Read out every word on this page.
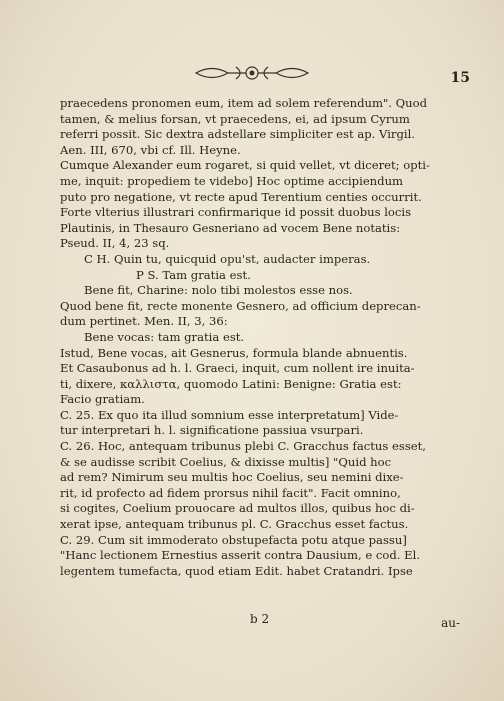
15

praecedens pronomen eum, item ad solem referendum". Quod

tamen, & melius forsan, vt praecedens, ei, ad ipsum Cyrum

referri possit. Sic dextra adstellare simpliciter est ap. Virgil.

Aen. III, 670, vbi cf. Ill. Heyne.

Cumque Alexander eum rogaret, si quid vellet, vt diceret; opti-

me, inquit: propediem te videbo] Hoc optime accipiendum

puto pro negatione, vt recte apud Terentium centies occurrit.

Forte vlterius illustrari confirmarique id possit duobus locis

Plautinis, in Thesauro Gesneriano ad vocem Bene notatis:

Pseud. II, 4, 23 sq.

C H. Quin tu, quicquid opu'st, audacter imperas.

P S. Tam gratia est.

Bene fit, Charine: nolo tibi molestos esse nos.

Quod bene fit, recte monente Gesnero, ad officium deprecan-

dum pertinet. Men. II, 3, 36:

Bene vocas: tam gratia est.

Istud, Bene vocas, ait Gesnerus, formula blande abnuentis.

Et Casaubonus ad h. l. Graeci, inquit, cum nollent ire inuita-

ti, dixere, καλλιστα, quomodo Latini: Benigne: Gratia est:

Facio gratiam.

C. 25. Ex quo ita illud somnium esse interpretatum] Vide-

tur interpretari h. l. significatione passiua vsurpari.

C. 26. Hoc, antequam tribunus plebi C. Gracchus factus esset,

& se audisse scribit Coelius, & dixisse multis] "Quid hoc

ad rem? Nimirum seu multis hoc Coelius, seu nemini dixe-

rit, id profecto ad fidem prorsus nihil facit". Facit omnino,

si cogites, Coelium prouocare ad multos illos, quibus hoc di-

xerat ipse, antequam tribunus pl. C. Gracchus esset factus.

C. 29. Cum sit immoderato obstupefacta potu atque passu]

"Hanc lectionem Ernestius asserit contra Dausium, e cod. El.

legentem tumefacta, quod etiam Edit. habet Cratandri. Ipse

b 2	au-
